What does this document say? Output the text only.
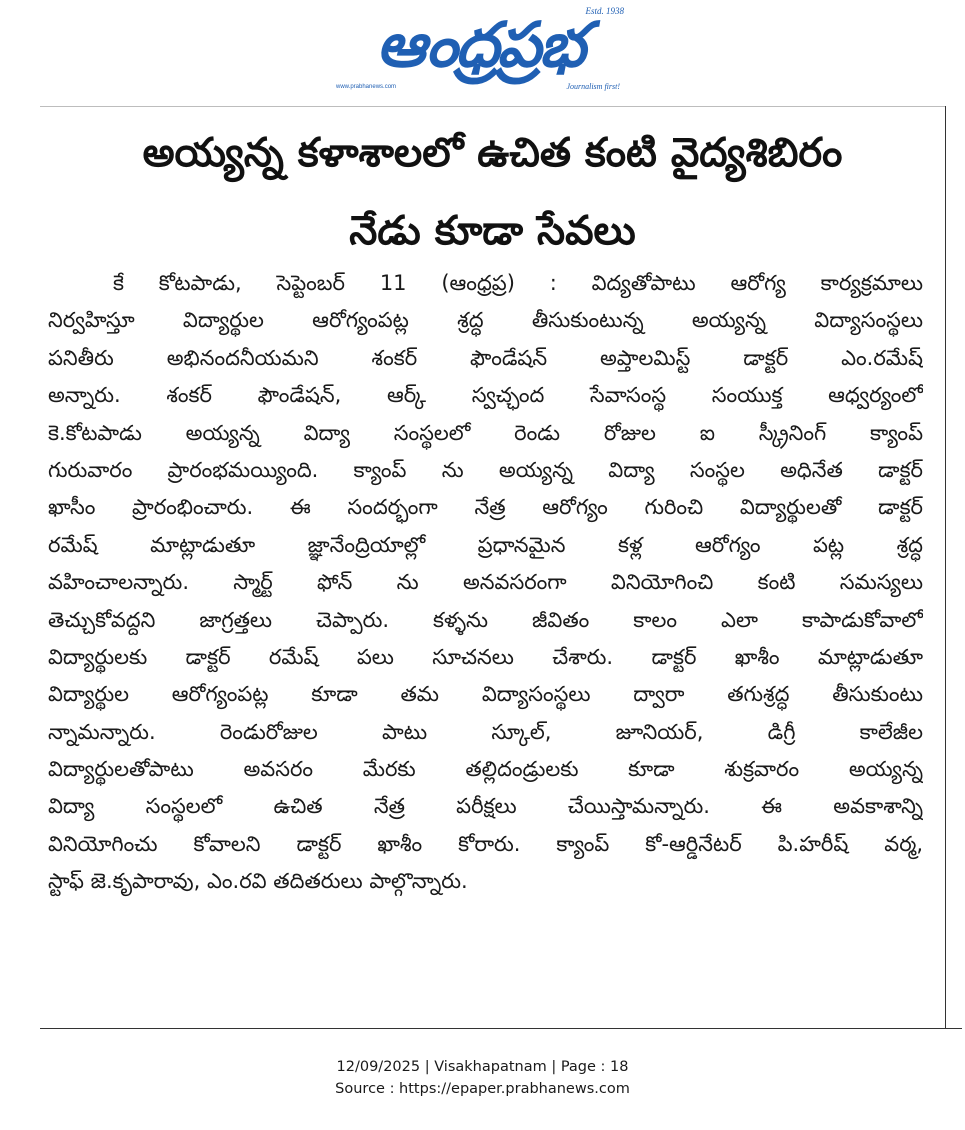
ఆంధ్రప్రభ Estd. 1938
www.prabhanews.com	Journalism first!
అయ్యన్న కళాశాలలో ఉచిత కంటి వైద్యశిబిరం
నేడు కూడా సేవలు
కే కోటపాడు, సెప్టెంబర్ 11 (ఆంధ్రప్ర) : విద్యతోపాటు ఆరోగ్య కార్యక్రమాలు
నిర్వహిస్తూ విద్యార్థుల ఆరోగ్యంపట్ల శ్రద్ధ తీసుకుంటున్న అయ్యన్న విద్యాసంస్థలు
పనితీరు అభినందనీయమని శంకర్ ఫౌండేషన్ అప్తాలమిస్ట్ డాక్టర్ ఎం.రమేష్
అన్నారు. శంకర్ ఫౌండేషన్, ఆర్క్ స్వచ్ఛంద సేవాసంస్థ సంయుక్త ఆధ్వర్యంలో
కె.కోటపాడు అయ్యన్న విద్యా సంస్థలలో రెండు రోజుల ఐ స్క్రీనింగ్ క్యాంప్
గురువారం ప్రారంభమయ్యింది. క్యాంప్ ను అయ్యన్న విద్యా సంస్థల అధినేత డాక్టర్
ఖాసీం ప్రారంభించారు. ఈ సందర్భంగా నేత్ర ఆరోగ్యం గురించి విద్యార్థులతో డాక్టర్
రమేష్ మాట్లాడుతూ జ్ఞానేంద్రియాల్లో ప్రధానమైన కళ్ల ఆరోగ్యం పట్ల శ్రద్ధ
వహించాలన్నారు. స్మార్ట్ ఫోన్ ను అనవసరంగా వినియోగించి కంటి సమస్యలు
తెచ్చుకోవద్దని జాగ్రత్తలు చెప్పారు. కళ్ళను జీవితం కాలం ఎలా కాపాడుకోవాలో
విద్యార్థులకు డాక్టర్ రమేష్ పలు సూచనలు చేశారు. డాక్టర్ ఖాశీం మాట్లాడుతూ
విద్యార్థుల ఆరోగ్యంపట్ల కూడా తమ విద్యాసంస్థలు ద్వారా తగుశ్రద్ధ తీసుకుంటు
న్నామన్నారు. రెండురోజుల పాటు స్కూల్, జూనియర్, డిగ్రీ కాలేజీల
విద్యార్థులతోపాటు అవసరం మేరకు తల్లిదండ్రులకు కూడా శుక్రవారం అయ్యన్న
విద్యా సంస్థలలో ఉచిత నేత్ర పరీక్షలు చేయిస్తామన్నారు. ఈ అవకాశాన్ని
వినియోగించు కోవాలని డాక్టర్ ఖాశీం కోరారు. క్యాంప్ కో-ఆర్డినేటర్ పి.హరీష్ వర్మ,
స్టాఫ్ జె.కృపారావు, ఎం.రవి తదితరులు పాల్గొన్నారు.
12/09/2025 | Visakhapatnam | Page : 18
Source : https://epaper.prabhanews.com
